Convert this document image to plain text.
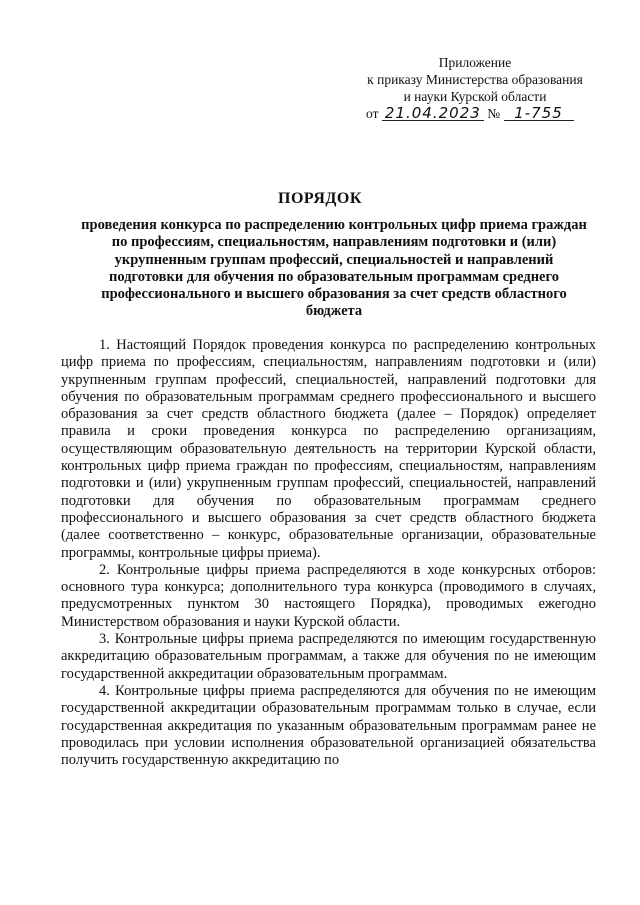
Приложение
к приказу Министерства образования
и науки Курской области
от 21.04.2023 № 1-755
ПОРЯДОК
проведения конкурса по распределению контрольных цифр приема граждан по профессиям, специальностям, направлениям подготовки и (или) укрупненным группам профессий, специальностей и направлений подготовки для обучения по образовательным программам среднего профессионального и высшего образования за счет средств областного бюджета

1. Настоящий Порядок проведения конкурса по распределению контрольных цифр приема по профессиям, специальностям, направлениям подготовки и (или) укрупненным группам профессий, специальностей, направлений подготовки для обучения по образовательным программам среднего профессионального и высшего образования за счет средств областного бюджета (далее – Порядок) определяет правила и сроки проведения конкурса по распределению организациям, осуществляющим образовательную деятельность на территории Курской области, контрольных цифр приема граждан по профессиям, специальностям, направлениям подготовки и (или) укрупненным группам профессий, специальностей, направлений подготовки для обучения по образовательным программам среднего профессионального и высшего образования за счет средств областного бюджета (далее соответственно – конкурс, образовательные организации, образовательные программы, контрольные цифры приема).

2. Контрольные цифры приема распределяются в ходе конкурсных отборов: основного тура конкурса; дополнительного тура конкурса (проводимого в случаях, предусмотренных пунктом 30 настоящего Порядка), проводимых ежегодно Министерством образования и науки Курской области.

3. Контрольные цифры приема распределяются по имеющим государственную аккредитацию образовательным программам, а также для обучения по не имеющим государственной аккредитации образовательным программам.

4. Контрольные цифры приема распределяются для обучения по не имеющим государственной аккредитации образовательным программам только в случае, если государственная аккредитация по указанным образовательным программам ранее не проводилась при условии исполнения образовательной организацией обязательства получить государственную аккредитацию по
